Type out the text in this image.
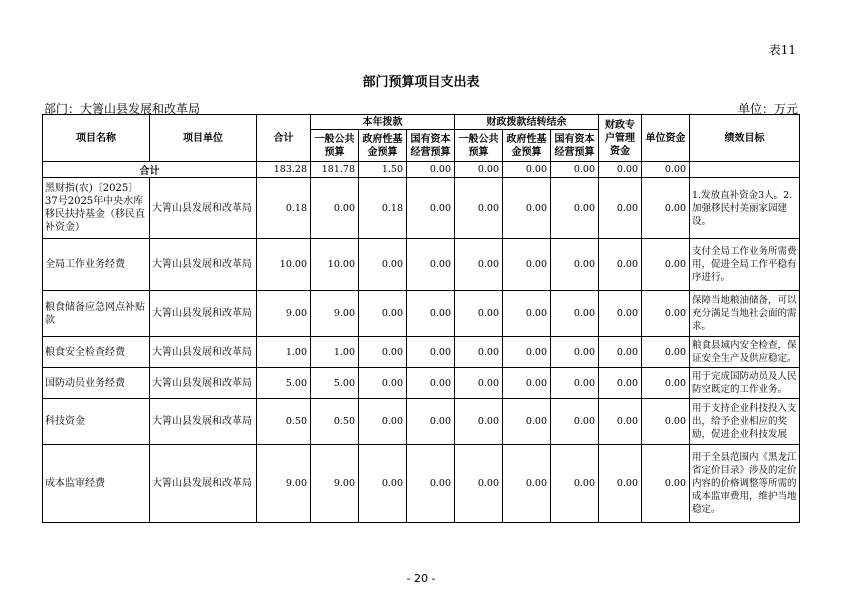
表11
部门预算项目支出表
部门：大箐山县发展和改革局	单位：万元
项目名称	项目单位	合计	本年拨款			财政拨款结转结余			财政专户管理资金	单位资金	绩效目标
			一般公共预算	政府性基金预算	国有资本经营预算	一般公共预算	政府性基金预算	国有资本经营预算			
合计		183.28	181.78	1.50	0.00	0.00	0.00	0.00	0.00	0.00	
黑财指(农)〔2025〕37号2025年中央水库移民扶持基金（移民直补资金）	大箐山县发展和改革局	0.18	0.00	0.18	0.00	0.00	0.00	0.00	0.00	0.00	1.发放直补资金3人。2.加强移民村美丽家园建设。
全局工作业务经费	大箐山县发展和改革局	10.00	10.00	0.00	0.00	0.00	0.00	0.00	0.00	0.00	支付全局工作业务所需费用，促进全局工作平稳有序进行。
粮食储备应急网点补贴款	大箐山县发展和改革局	9.00	9.00	0.00	0.00	0.00	0.00	0.00	0.00	0.00	保障当地粮油储备，可以充分满足当地社会面的需求。
粮食安全检查经费	大箐山县发展和改革局	1.00	1.00	0.00	0.00	0.00	0.00	0.00	0.00	0.00	粮食县域内安全检查，保证安全生产及供应稳定。
国防动员业务经费	大箐山县发展和改革局	5.00	5.00	0.00	0.00	0.00	0.00	0.00	0.00	0.00	用于完成国防动员及人民防空既定的工作业务。
科技资金	大箐山县发展和改革局	0.50	0.50	0.00	0.00	0.00	0.00	0.00	0.00	0.00	用于支持企业科技投入支出，给予企业相应的奖励，促进企业科技发展
成本监审经费	大箐山县发展和改革局	9.00	9.00	0.00	0.00	0.00	0.00	0.00	0.00	0.00	用于全县范围内《黑龙江省定价目录》涉及的定价内容的价格调整等所需的成本监审费用，维护当地稳定。
- 20 -
